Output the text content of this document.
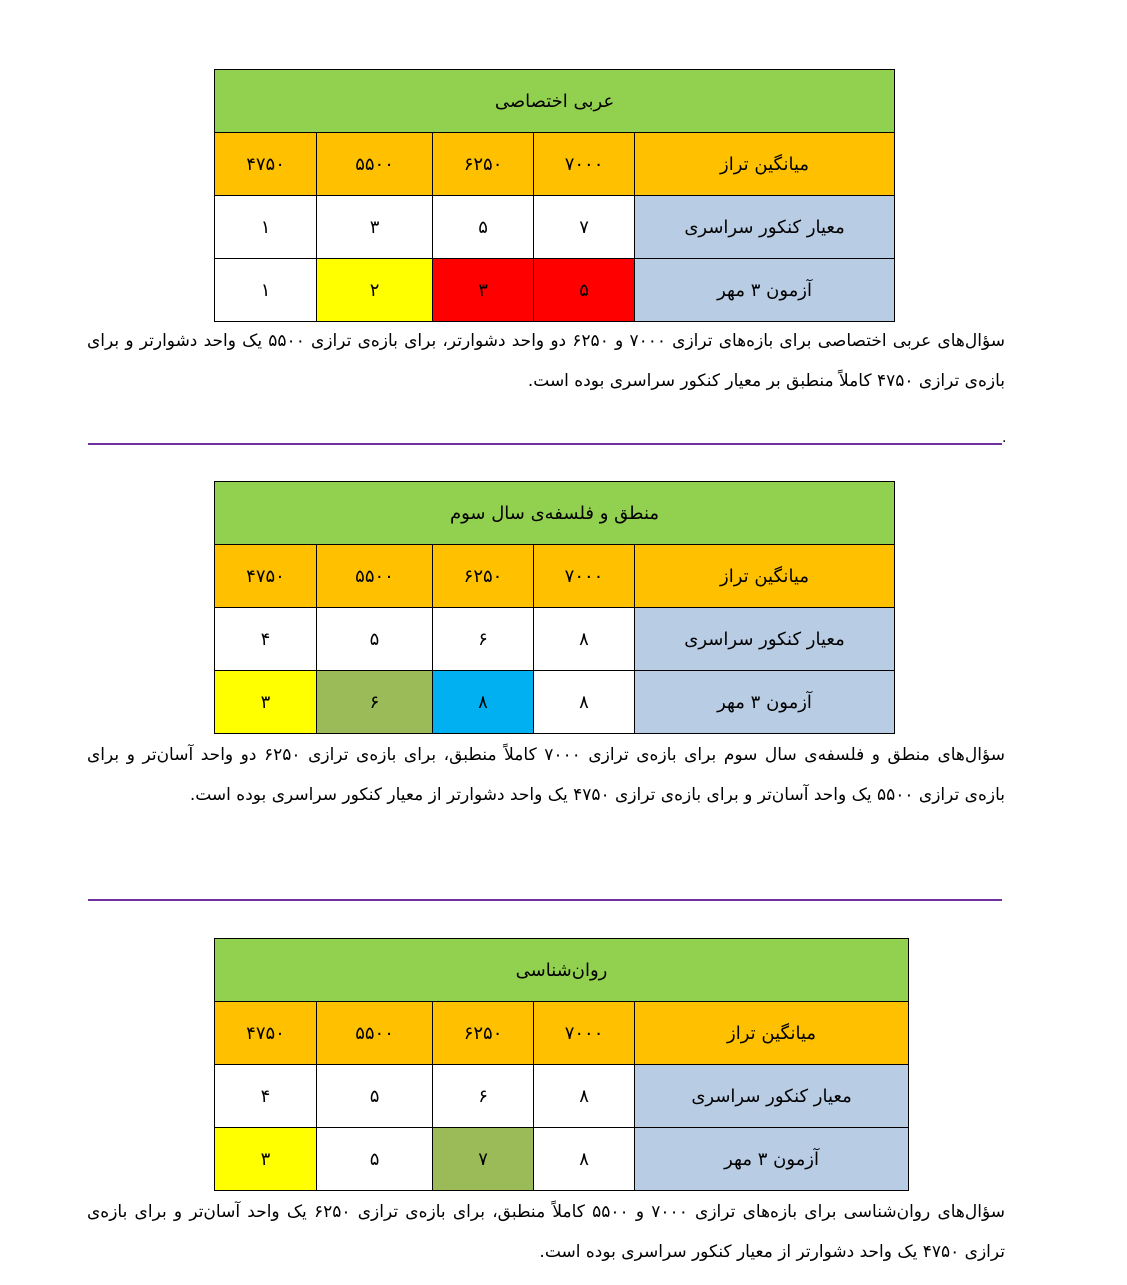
عربی اختصاصی				
میانگین تراز	۷۰۰۰	۶۲۵۰	۵۵۰۰	۴۷۵۰
معیار کنکور سراسری	۷	۵	۳	۱
آزمون ۳ مهر	۵	۳	۲	۱
سؤال‌های عربی اختصاصی برای بازه‌های ترازی ۷۰۰۰ و ۶۲۵۰ دو واحد دشوارتر، برای بازه‌ی ترازی ۵۵۰۰ یک واحد دشوارتر و برای بازه‌ی ترازی ۴۷۵۰ کاملاً منطبق بر معیار کنکور سراسری بوده است.
.
منطق و فلسفه‌ی سال سوم				
میانگین تراز	۷۰۰۰	۶۲۵۰	۵۵۰۰	۴۷۵۰
معیار کنکور سراسری	۸	۶	۵	۴
آزمون ۳ مهر	۸	۸	۶	۳
سؤال‌های منطق و فلسفه‌ی سال سوم برای بازه‌ی ترازی ۷۰۰۰ کاملاً منطبق، برای بازه‌ی ترازی ۶۲۵۰ دو واحد آسان‌تر و برای بازه‌ی ترازی ۵۵۰۰ یک واحد آسان‌تر و برای بازه‌ی ترازی ۴۷۵۰ یک واحد دشوارتر از معیار کنکور سراسری بوده است.
روان‌شناسی				
میانگین تراز	۷۰۰۰	۶۲۵۰	۵۵۰۰	۴۷۵۰
معیار کنکور سراسری	۸	۶	۵	۴
آزمون ۳ مهر	۸	۷	۵	۳
سؤال‌های روان‌شناسی برای بازه‌های ترازی ۷۰۰۰ و ۵۵۰۰ کاملاً منطبق، برای بازه‌ی ترازی ۶۲۵۰ یک واحد آسان‌تر و برای بازه‌ی ترازی ۴۷۵۰ یک واحد دشوارتر از معیار کنکور سراسری بوده است.
